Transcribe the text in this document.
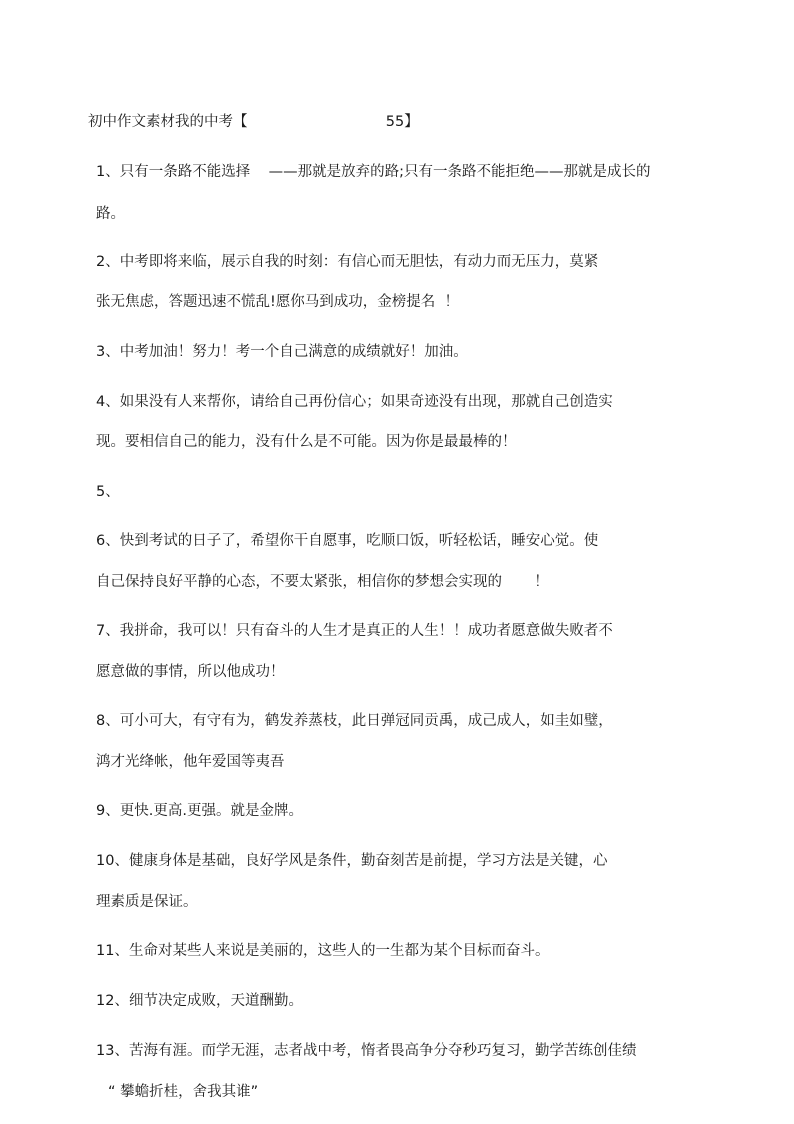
初中作文素材我的中考【                              55】
1、只有一条路不能选择    ——那就是放弃的路;只有一条路不能拒绝——那就是成长的
路。
2、中考即将来临，展示自我的时刻：有信心而无胆怯，有动力而无压力，莫紧
张无焦虑，答题迅速不慌乱!愿你马到成功，金榜提名  ！
3、中考加油！努力！考一个自己满意的成绩就好！加油。
4、如果没有人来帮你，请给自己再份信心；如果奇迹没有出现，那就自己创造实
现。要相信自己的能力，没有什么是不可能。因为你是最最棒的！
5、
6、快到考试的日子了，希望你干自愿事，吃顺口饭，听轻松话，睡安心觉。使
自己保持良好平静的心态，不要太紧张，相信你的梦想会实现的       ！
7、我拼命，我可以！只有奋斗的人生才是真正的人生！！成功者愿意做失败者不
愿意做的事情，所以他成功！
8、可小可大，有守有为，鹤发养蒸枝，此日弹冠同贡禹，成己成人，如圭如璧，
鸿才光绛帐，他年爱国等夷吾
9、更快.更高.更强。就是金牌。
10、健康身体是基础，良好学风是条件，勤奋刻苦是前提，学习方法是关键，心
理素质是保证。
11、生命对某些人来说是美丽的，这些人的一生都为某个目标而奋斗。
12、细节决定成败，天道酬勤。
13、苦海有涯。而学无涯，志者战中考，惰者畏高争分夺秒巧复习，勤学苦练创佳绩
“ 攀蟾折桂，舍我其谁”
